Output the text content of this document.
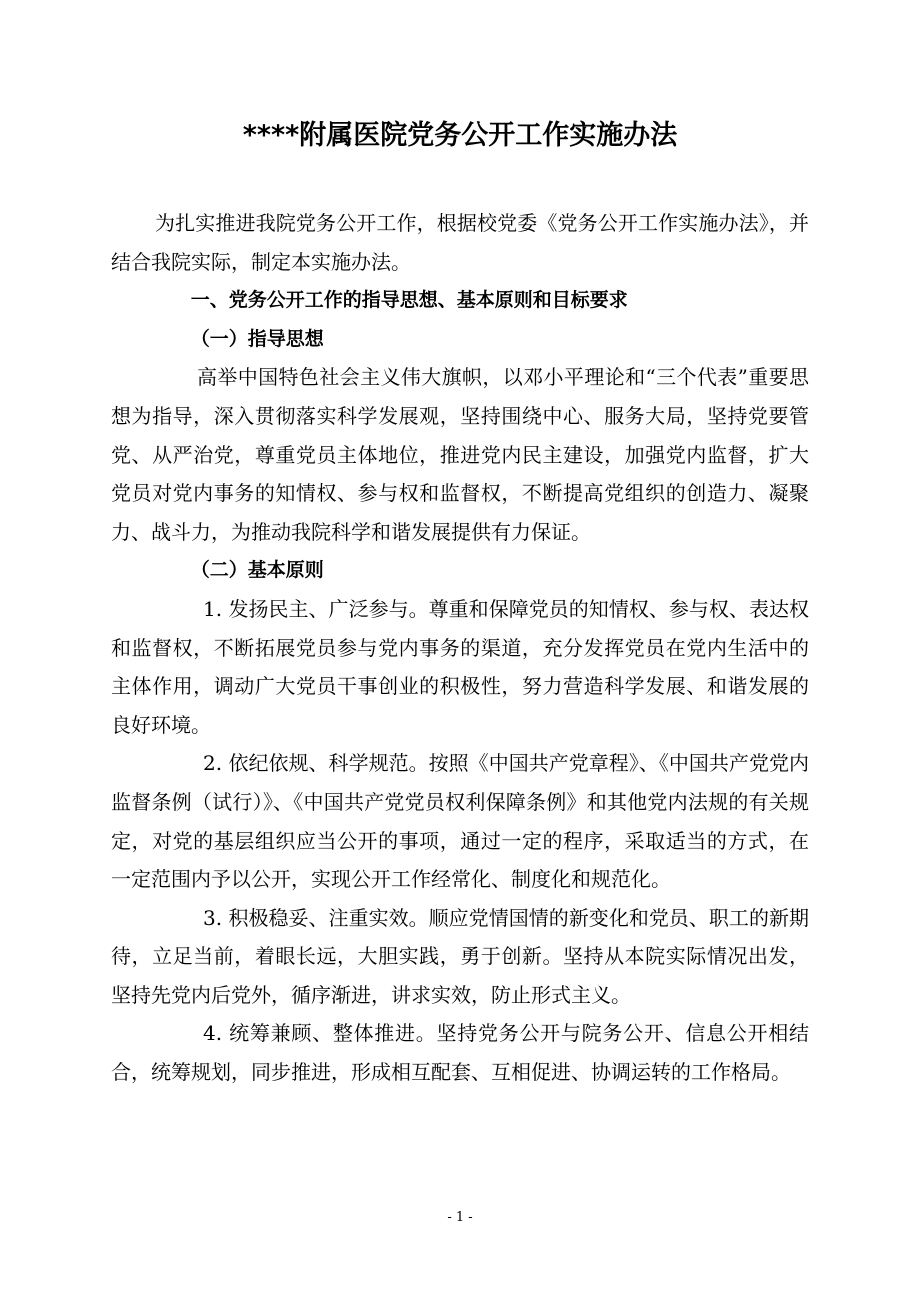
****附属医院党务公开工作实施办法

为扎实推进我院党务公开工作，根据校党委《党务公开工作实施办法》，并结合我院实际，制定本实施办法。

一、党务公开工作的指导思想、基本原则和目标要求

（一）指导思想

高举中国特色社会主义伟大旗帜，以邓小平理论和“三个代表”重要思想为指导，深入贯彻落实科学发展观，坚持围绕中心、服务大局，坚持党要管党、从严治党，尊重党员主体地位，推进党内民主建设，加强党内监督，扩大党员对党内事务的知情权、参与权和监督权，不断提高党组织的创造力、凝聚力、战斗力，为推动我院科学和谐发展提供有力保证。

（二）基本原则

1. 发扬民主、广泛参与。尊重和保障党员的知情权、参与权、表达权和监督权，不断拓展党员参与党内事务的渠道，充分发挥党员在党内生活中的主体作用，调动广大党员干事创业的积极性，努力营造科学发展、和谐发展的良好环境。

2. 依纪依规、科学规范。按照《中国共产党章程》、《中国共产党党内监督条例（试行）》、《中国共产党党员权利保障条例》和其他党内法规的有关规定，对党的基层组织应当公开的事项，通过一定的程序，采取适当的方式，在一定范围内予以公开，实现公开工作经常化、制度化和规范化。

3. 积极稳妥、注重实效。顺应党情国情的新变化和党员、职工的新期待，立足当前，着眼长远，大胆实践，勇于创新。坚持从本院实际情况出发，坚持先党内后党外，循序渐进，讲求实效，防止形式主义。

4. 统筹兼顾、整体推进。坚持党务公开与院务公开、信息公开相结合，统筹规划，同步推进，形成相互配套、互相促进、协调运转的工作格局。

- 1 -
